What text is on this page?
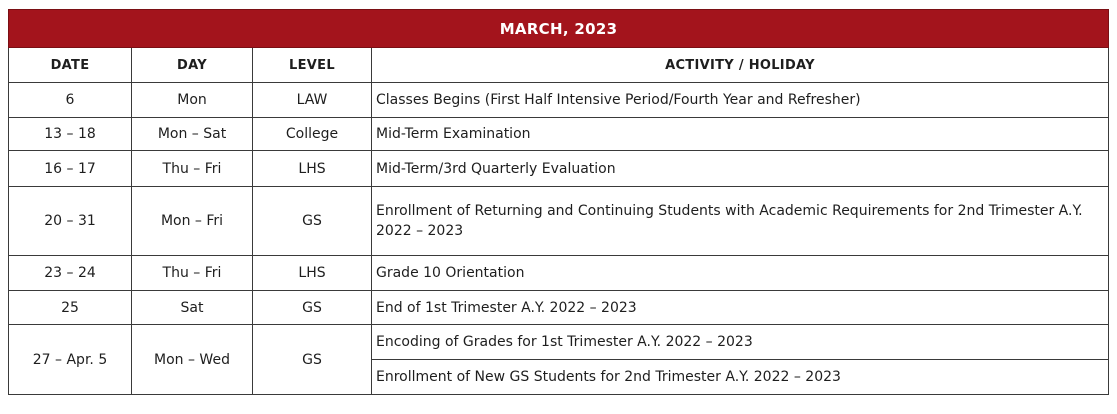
MARCH, 2023			
DATE	DAY	LEVEL	ACTIVITY / HOLIDAY
6	Mon	LAW	Classes Begins (First Half Intensive Period/Fourth Year and Refresher)
13 – 18	Mon – Sat	College	Mid-Term Examination
16 – 17	Thu – Fri	LHS	Mid-Term/3rd Quarterly Evaluation
20 – 31	Mon – Fri	GS	Enrollment of Returning and Continuing Students with Academic Requirements for 2nd Trimester A.Y. 2022 – 2023
23 – 24	Thu – Fri	LHS	Grade 10 Orientation
25	Sat	GS	End of 1st Trimester A.Y. 2022 – 2023
27 – Apr. 5	Mon – Wed	GS	Encoding of Grades for 1st Trimester A.Y. 2022 – 2023
			Enrollment of New GS Students for 2nd Trimester A.Y. 2022 – 2023
